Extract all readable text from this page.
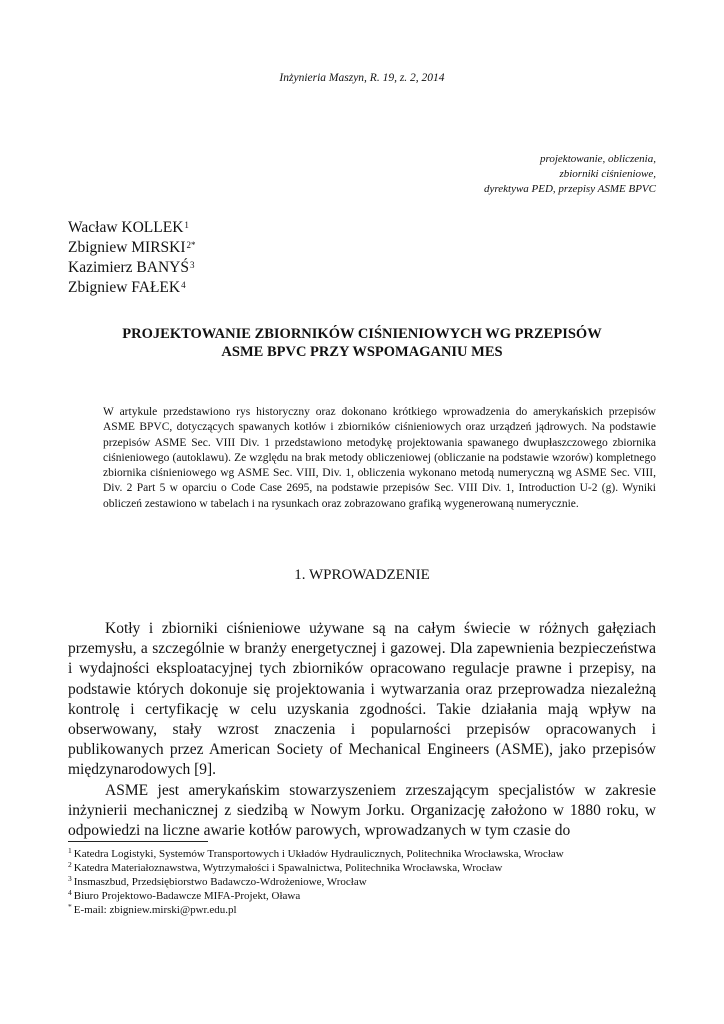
Inżynieria Maszyn, R. 19, z. 2, 2014
projektowanie, obliczenia,
zbiorniki ciśnieniowe,
dyrektywa PED, przepisy ASME BPVC
Wacław KOLLEK$^1$
Zbigniew $MIRSKI^{2*}$
Kazimierz BANYŚ$^3$
Zbigniew FAŁEK$^4$
PROJEKTOWANIE ZBIORNIKÓW CIŚNIENIOWYCH WG PRZEPISÓW
ASME BPVC PRZY WSPOMAGANIU MES

W artykule przedstawiono rys historyczny oraz dokonano krótkiego wprowadzenia do amerykańskich przepisów ASME BPVC, dotyczących spawanych kotłów i zbiorników ciśnieniowych oraz urządzeń jądrowych. Na podstawie przepisów ASME Sec. VIII Div. 1 przedstawiono metodykę projektowania spawanego dwupłaszczowego zbiornika ciśnieniowego (autoklawu). Ze względu na brak metody obliczeniowej (obliczanie na podstawie wzorów) kompletnego zbiornika ciśnieniowego wg ASME Sec. VIII, Div. 1, obliczenia wykonano metodą numeryczną wg ASME Sec. VIII, Div. 2 Part 5 w oparciu o Code Case 2695, na podstawie przepisów Sec. VIII Div. 1, Introduction U-2 (g). Wyniki obliczeń zestawiono w tabelach i na rysunkach oraz zobrazowano grafiką wygenerowaną numerycznie.

1. WPROWADZENIE

Kotły i zbiorniki ciśnieniowe używane są na całym świecie w różnych gałęziach przemysłu, a szczególnie w branży energetycznej i gazowej. Dla zapewnienia bezpieczeństwa i wydajności eksploatacyjnej tych zbiorników opracowano regulacje prawne i przepisy, na podstawie których dokonuje się projektowania i wytwarzania oraz przeprowadza niezależną kontrolę i certyfikację w celu uzyskania zgodności. Takie działania mają wpływ na obserwowany, stały wzrost znaczenia i popularności przepisów opracowanych i publikowanych przez American Society of Mechanical Engineers (ASME), jako przepisów międzynarodowych [9].

ASME jest amerykańskim stowarzyszeniem zrzeszającym specjalistów w zakresie inżynierii mechanicznej z siedzibą w Nowym Jorku. Organizację założono w 1880 roku, w odpowiedzi na liczne awarie kotłów parowych, wprowadzanych w tym czasie do

$^1$ Katedra Logistyki, Systemów Transportowych i Układów Hydraulicznych, Politechnika Wrocławska, Wrocław
$^2$ Katedra Materiałoznawstwa, Wytrzymałości i Spawalnictwa, Politechnika Wrocławska, Wrocław
$^3$ Insmaszbud, Przedsiębiorstwo Badawczo-Wdrożeniowe, Wrocław
$^4$ Biuro Projektowo-Badawcze MIFA-Projekt, Oława
* E-mail: zbigniew.mirski@pwr.edu.pl
